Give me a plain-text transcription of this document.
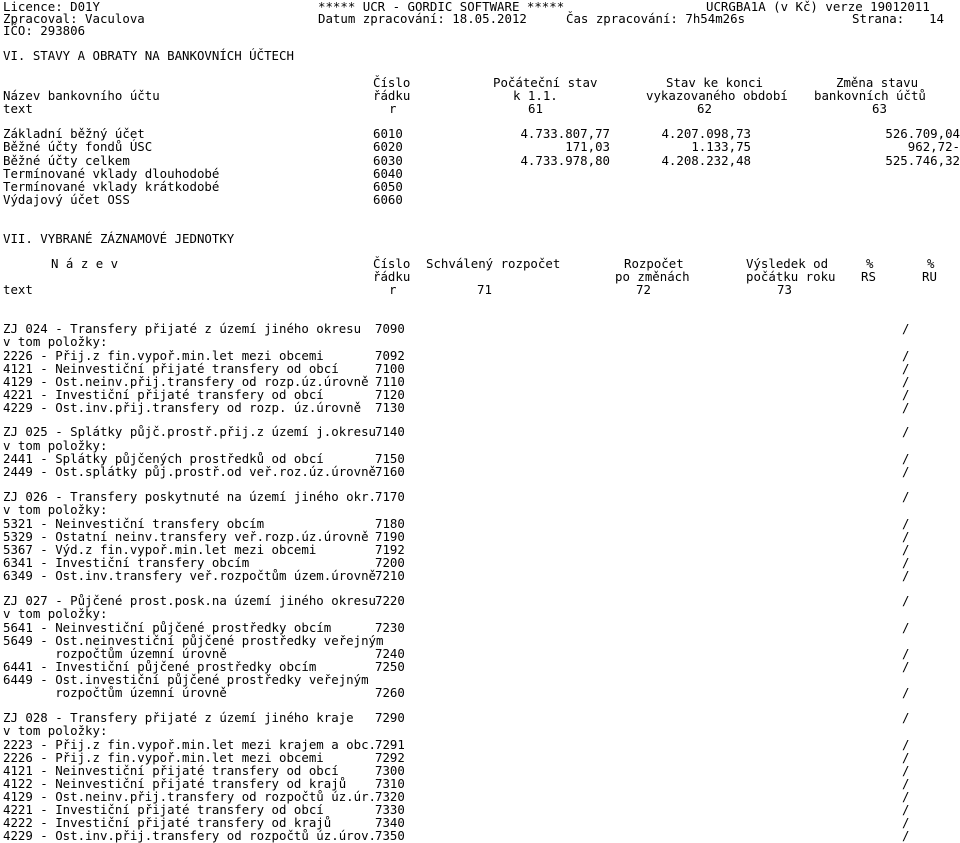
Licence: D01Y	***** UCR - GORDIC SOFTWARE *****	UCRGBA1A (v Kč) verze 19012011
Zpracoval: Vaculova	Datum zpracování: 18.05.2012	Čas zpracování: 7h54m26s	Strana:	14
IČO: 293806
VI. STAVY A OBRATY NA BANKOVNÍCH ÚČTECH
Číslo	Počáteční stav	Stav ke konci	Změna stavu
Název bankovního účtu	řádku	k 1.1.	vykazovaného období bankovních účtů
text	r	61	62	63
Základní běžný účet	6010	4.733.807,77	4.207.098,73	526.709,04
Běžné účty fondů ÚSC	6020	171,03	1.133,75	962,72-
Běžné účty celkem	6030	4.733.978,80	4.208.232,48	525.746,32
Termínované vklady dlouhodobé	6040
Termínované vklady krátkodobé	6050
Výdajový účet OSS	6060
VII. VYBRANÉ ZÁZNAMOVÉ JEDNOTKY
N á z e v	Číslo Schválený rozpočet	Rozpočet	Výsledek od	%	%
řádku	po změnách	počátku roku RS	RU
text	r	71	72	73
ZJ 024 - Transfery přijaté z území jiného okresu 7090	/
v tom položky:
2226 - Přij.z fin.vypoř.min.let mezi obcemi	7092	/
4121 - Neinvestiční přijaté transfery od obcí	7100	/
4129 - Ost.neinv.přij.transfery od rozp.úz.úrovně 7110	/
4221 - Investiční přijaté transfery od obcí	7120	/
4229 - Ost.inv.přij.transfery od rozp. úz.úrovně 7130	/
ZJ 025 - Splátky půjč.prostř.přij.z území j.okresu 7140	/
v tom položky:
2441 - Splátky půjčených prostředků od obcí	7150	/
2449 - Ost.splátky půj.prostř.od veř.roz.úz.úrovně 7160	/
ZJ 026 - Transfery poskytnuté na území jiného okr. 7170	/
v tom položky:
5321 - Neinvestiční transfery obcím	7180	/
5329 - Ostatní neinv.transfery veř.rozp.úz.úrovně 7190	/
5367 - Výd.z fin.vypoř.min.let mezi obcemi	7192	/
6341 - Investiční transfery obcím	7200	/
6349 - Ost.inv.transfery veř.rozpočtům územ.úrovně 7210	/
ZJ 027 - Půjčené prost.posk.na území jiného okresu 7220	/
v tom položky:
5641 - Neinvestiční půjčené prostředky obcím	7230	/
5649 - Ost.neinvestiční půjčené prostředky veřejným
rozpočtům územní úrovně	7240	/
6441 - Investiční půjčené prostředky obcím	7250	/
6449 - Ost.investiční půjčené prostředky veřejným
rozpočtům územní úrovně	7260	/
ZJ 028 - Transfery přijaté z území jiného kraje 7290	/
v tom položky:
2223 - Přij.z fin.vypoř.min.let mezi krajem a obc. 7291	/
2226 - Přij.z fin.vypoř.min.let mezi obcemi	7292	/
4121 - Neinvestiční přijaté transfery od obcí	7300	/
4122 - Neinvestiční přijaté transfery od krajů 7310	/
4129 - Ost.neinv.přij.transfery od rozpočtů úz.úr. 7320	/
4221 - Investiční přijaté transfery od obcí	7330	/
4222 - Investiční přijaté transfery od krajů	7340	/
4229 - Ost.inv.přij.transfery od rozpočtů úz.úrov. 7350	/
